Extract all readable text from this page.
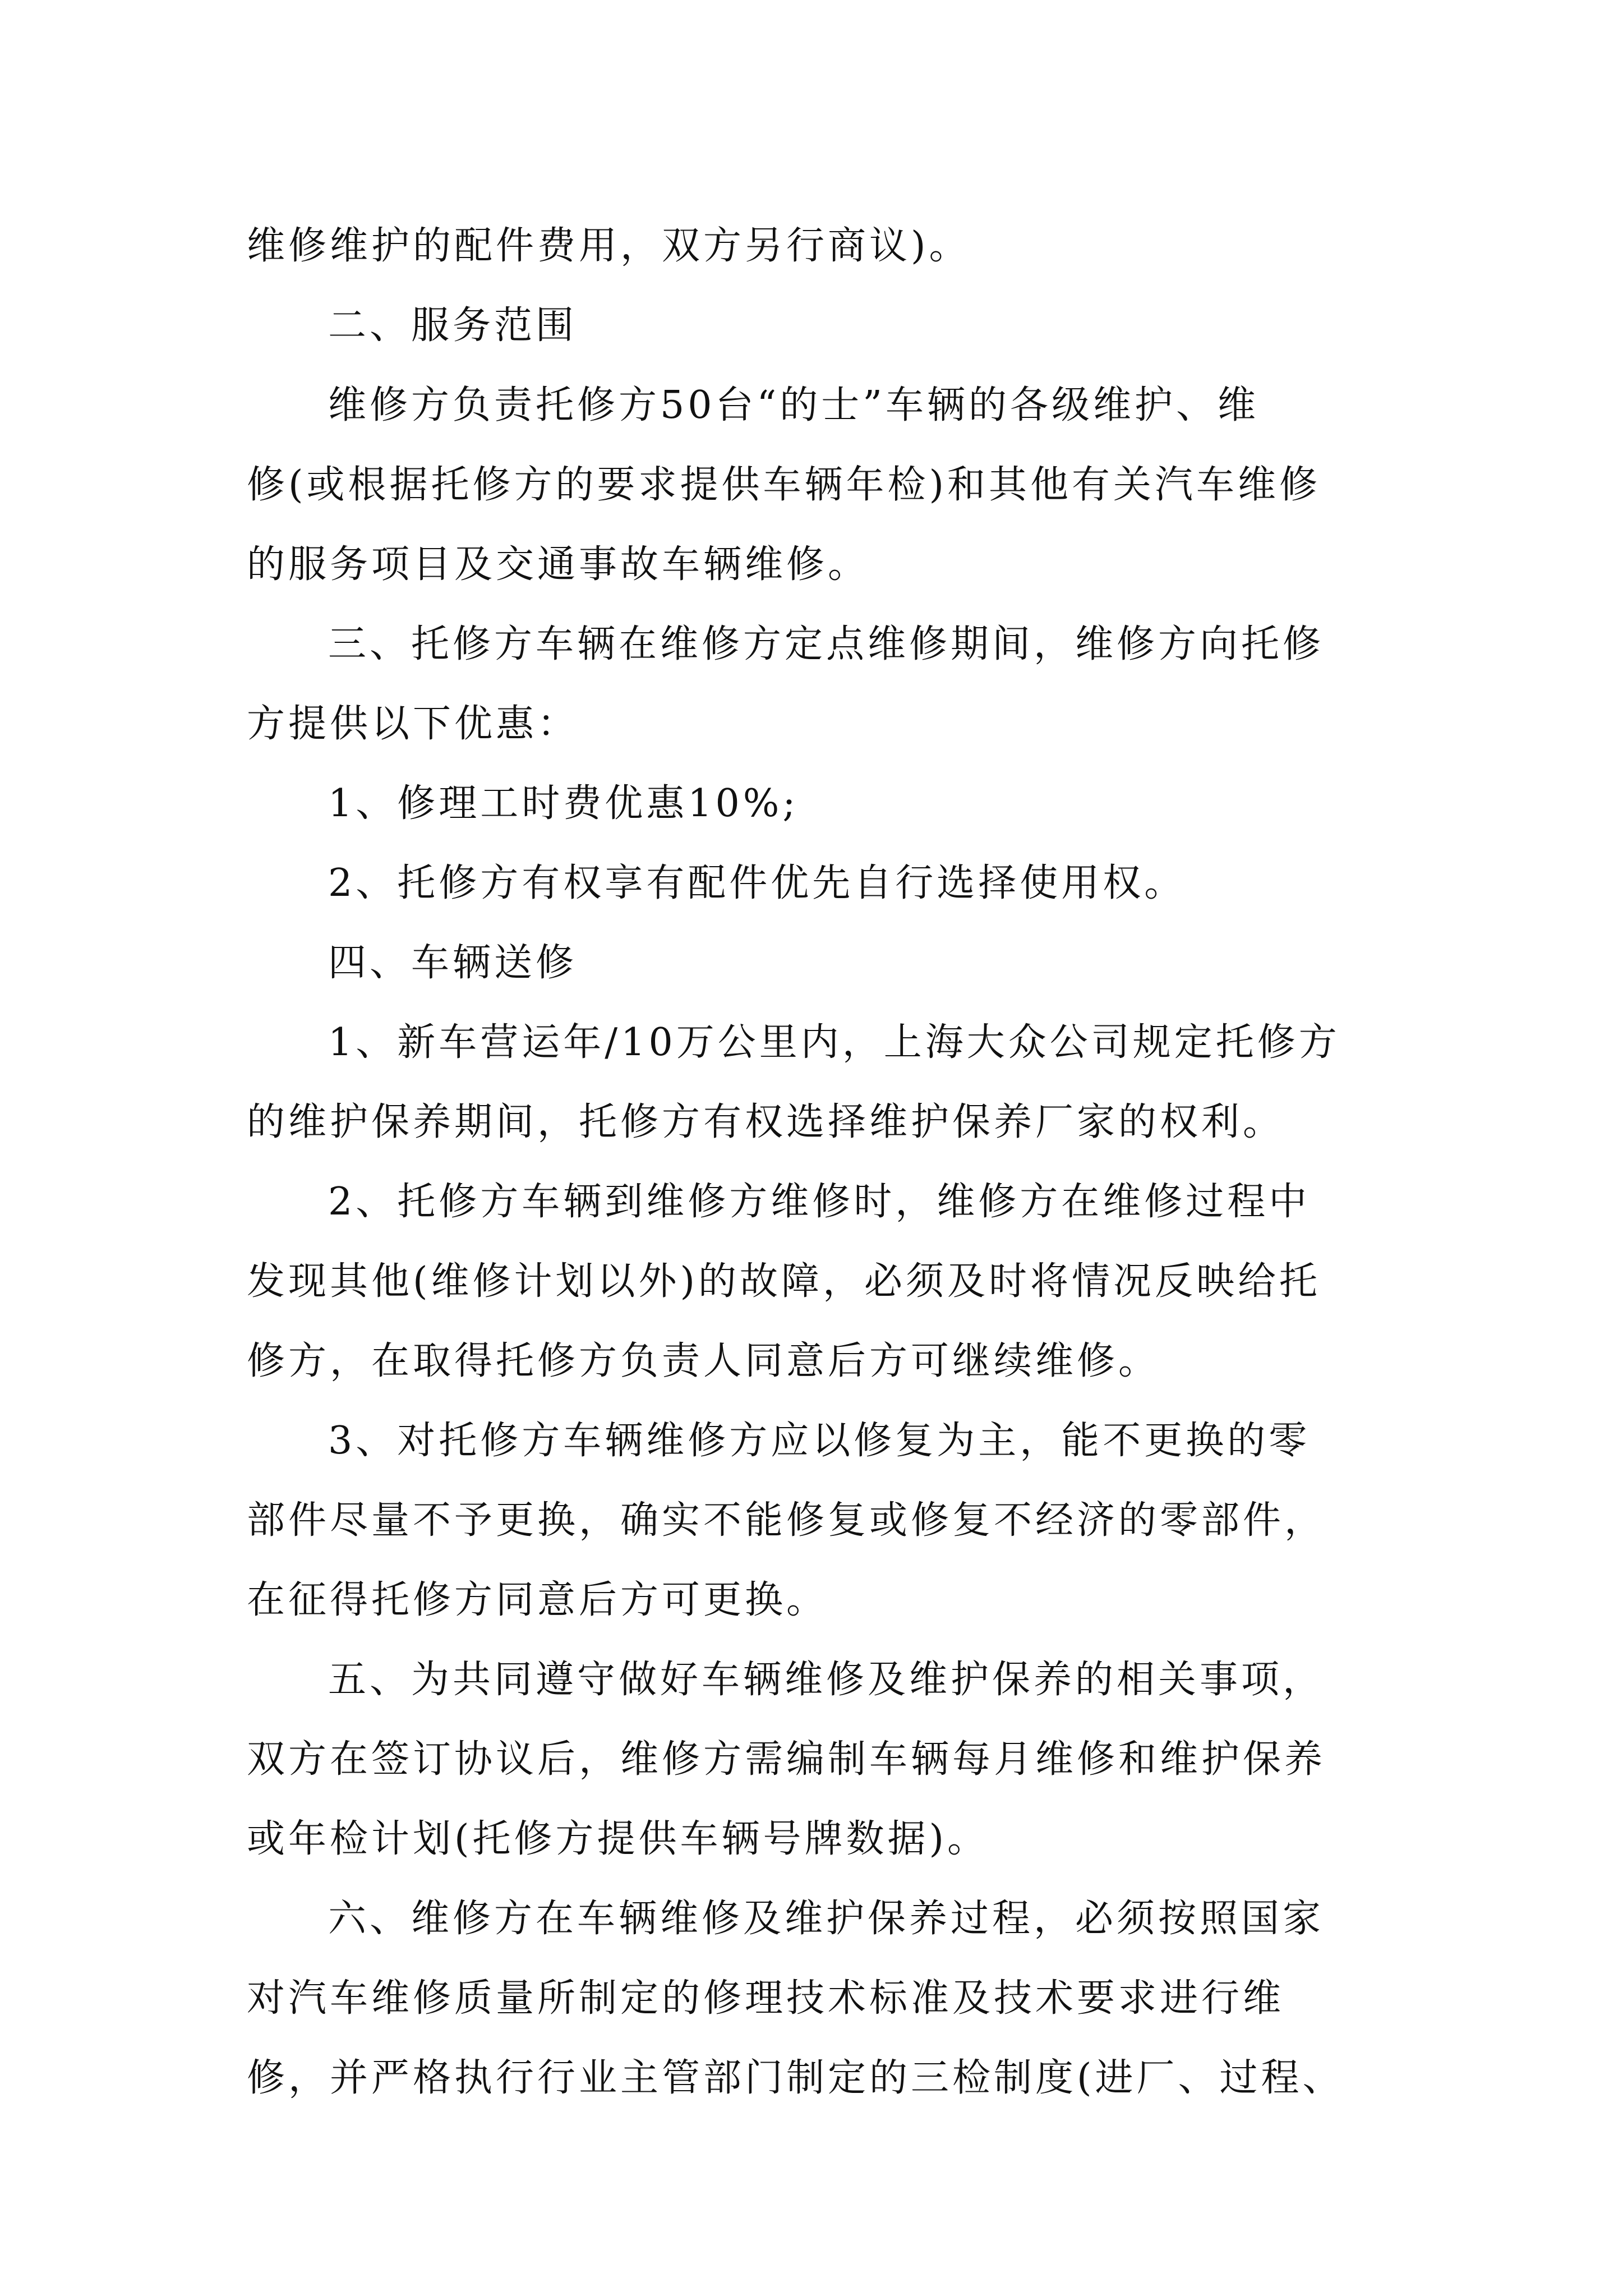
维修维护的配件费用，双方另行商议)。
二、服务范围
维修方负责托修方50台“的士”车辆的各级维护、维
修(或根据托修方的要求提供车辆年检)和其他有关汽车维修
的服务项目及交通事故车辆维修。
三、托修方车辆在维修方定点维修期间，维修方向托修
方提供以下优惠：
1、修理工时费优惠10%;
2、托修方有权享有配件优先自行选择使用权。
四、车辆送修
1、新车营运年/10万公里内，上海大众公司规定托修方
的维护保养期间，托修方有权选择维护保养厂家的权利。
2、托修方车辆到维修方维修时，维修方在维修过程中
发现其他(维修计划以外)的故障，必须及时将情况反映给托
修方，在取得托修方负责人同意后方可继续维修。
3、对托修方车辆维修方应以修复为主，能不更换的零
部件尽量不予更换，确实不能修复或修复不经济的零部件，
在征得托修方同意后方可更换。
五、为共同遵守做好车辆维修及维护保养的相关事项，
双方在签订协议后，维修方需编制车辆每月维修和维护保养
或年检计划(托修方提供车辆号牌数据)。
六、维修方在车辆维修及维护保养过程，必须按照国家
对汽车维修质量所制定的修理技术标准及技术要求进行维
修，并严格执行行业主管部门制定的三检制度(进厂、过程、
